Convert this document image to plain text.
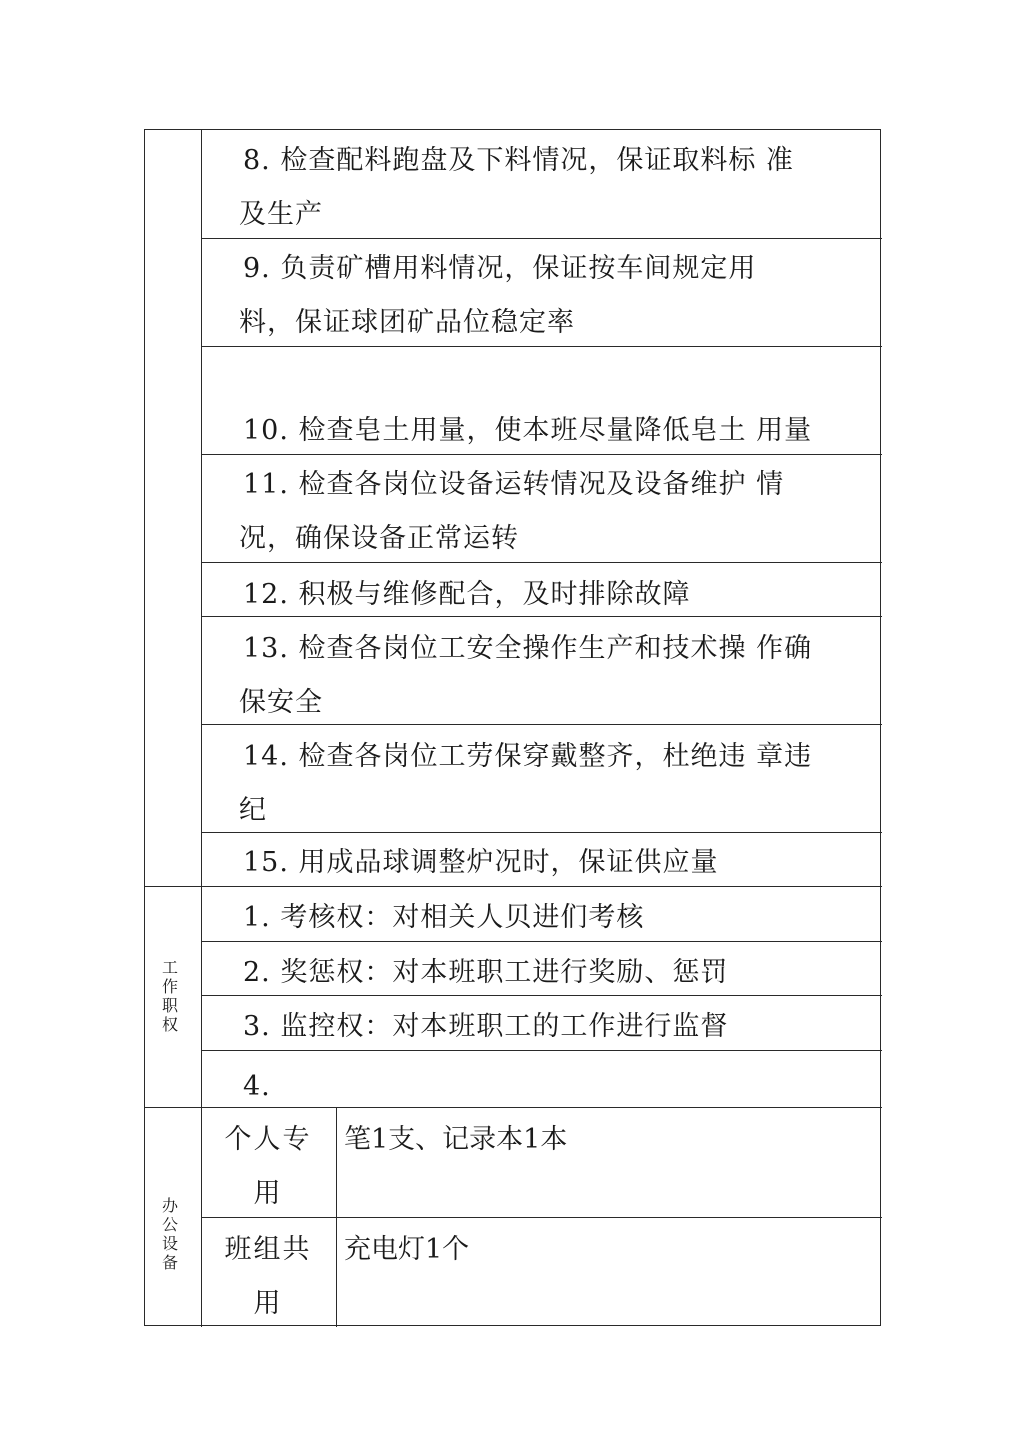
8. 检查配料跑盘及下料情况，保证取料标 准
及生产
9. 负责矿槽用料情况，保证按车间规定用
料，保证球团矿品位稳定率
10. 检查皂土用量，使本班尽量降低皂土 用量
11. 检查各岗位设备运转情况及设备维护 情
况，确保设备正常运转
12. 积极与维修配合，及时排除故障
13. 检查各岗位工安全操作生产和技术操 作确
保安全
14. 检查各岗位工劳保穿戴整齐，杜绝违 章违
纪
15. 用成品球调整炉况时，保证供应量
工
作
职
权
1. 考核权：对相关人贝进们考核
2. 奖惩权：对本班职工进行奖励、惩罚
3. 监控权：对本班职工的工作进行监督
4.
办 公
设 备
个人专
用
笔1支、记录本1本
班组共
用
充电灯1个
